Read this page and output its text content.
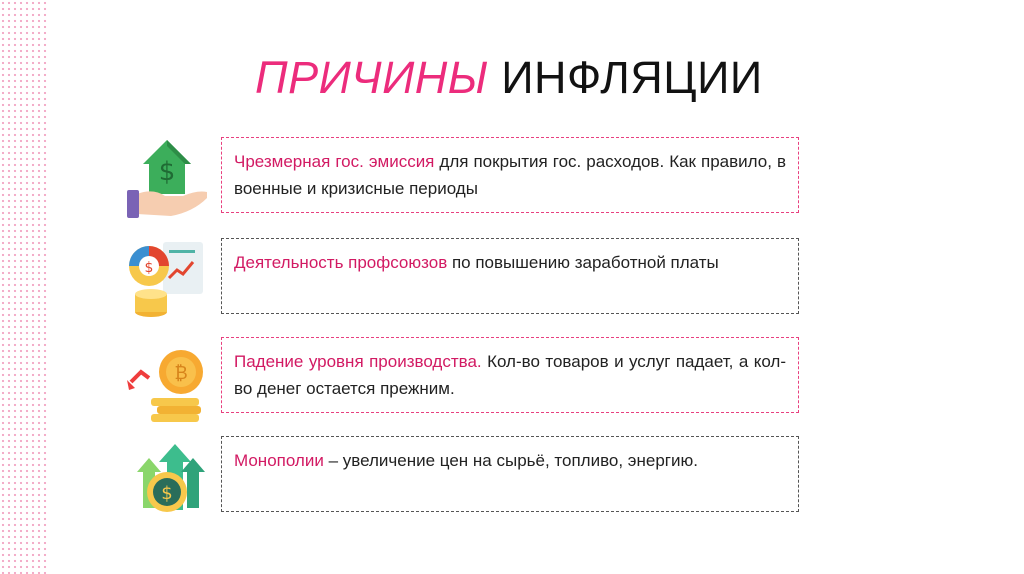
ПРИЧИНЫ ИНФЛЯЦИИ
$
$
₿
$
Чрезмерная гос. эмиссия для покрытия гос. расходов. Как правило, в военные и кризисные периоды
Деятельность профсоюзов по повышению заработной платы
Падение уровня производства. Кол-во товаров и услуг падает, а кол-во денег остается прежним.
Монополии – увеличение цен на сырьё, топливо, энергию.
